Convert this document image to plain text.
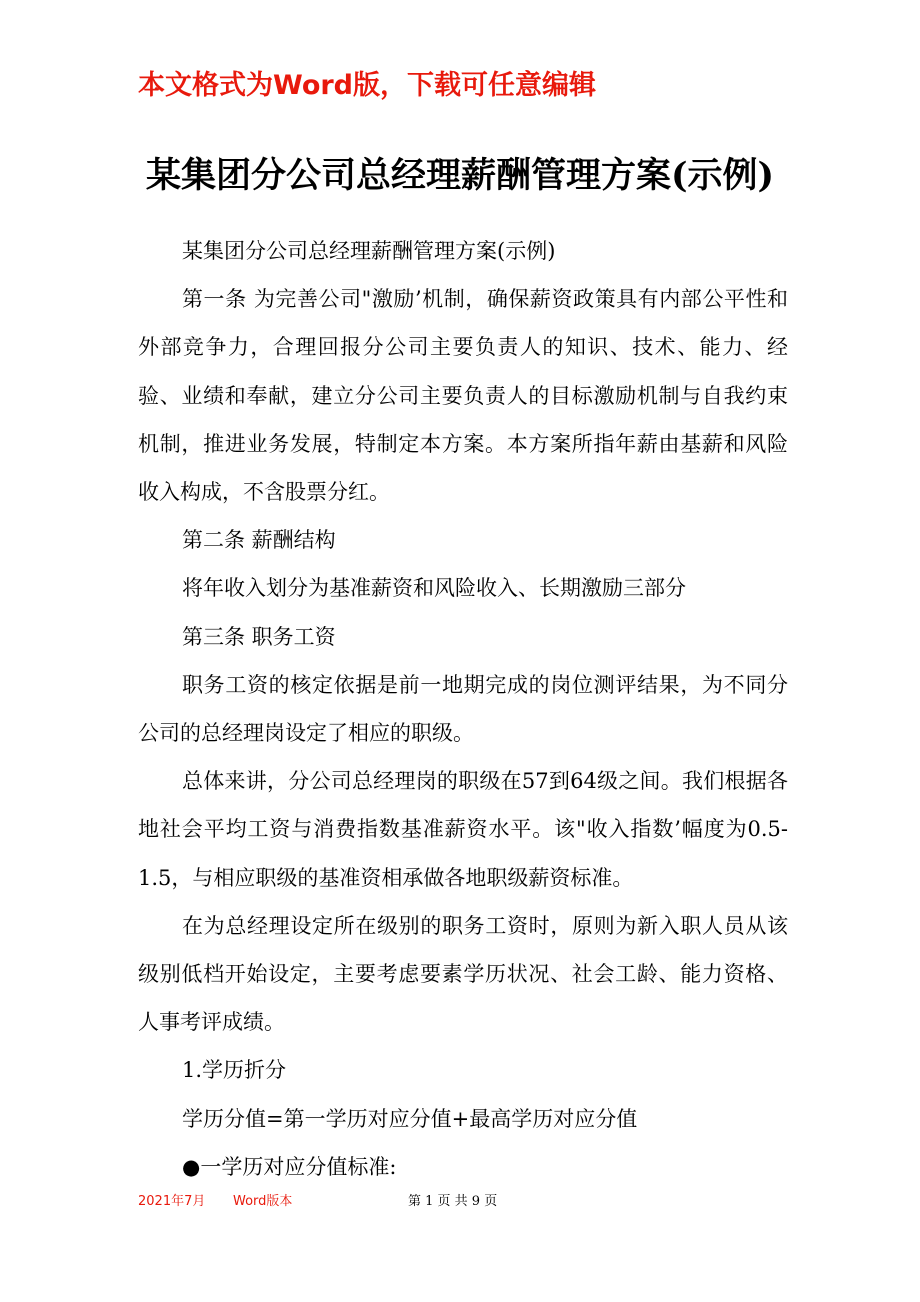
本文格式为Word版，下载可任意编辑
某集团分公司总经理薪酬管理方案(示例)

某集团分公司总经理薪酬管理方案(示例)

第一条 为完善公司"激励’机制，确保薪资政策具有内部公平性和外部竞争力，合理回报分公司主要负责人的知识、技术、能力、经验、业绩和奉献，建立分公司主要负责人的目标激励机制与自我约束机制，推进业务发展，特制定本方案。本方案所指年薪由基薪和风险收入构成，不含股票分红。

第二条 薪酬结构

将年收入划分为基准薪资和风险收入、长期激励三部分

第三条 职务工资

职务工资的核定依据是前一地期完成的岗位测评结果，为不同分公司的总经理岗设定了相应的职级。

总体来讲，分公司总经理岗的职级在57到64级之间。我们根据各地社会平均工资与消费指数基准薪资水平。该"收入指数’幅度为0.5-1.5，与相应职级的基准资相承做各地职级薪资标准。

在为总经理设定所在级别的职务工资时，原则为新入职人员从该级别低档开始设定，主要考虑要素学历状况、社会工龄、能力资格、人事考评成绩。

1.学历折分

学历分值=第一学历对应分值+最高学历对应分值

●一学历对应分值标准:

2021年7月 Word版本	第 1 页 共 9 页
